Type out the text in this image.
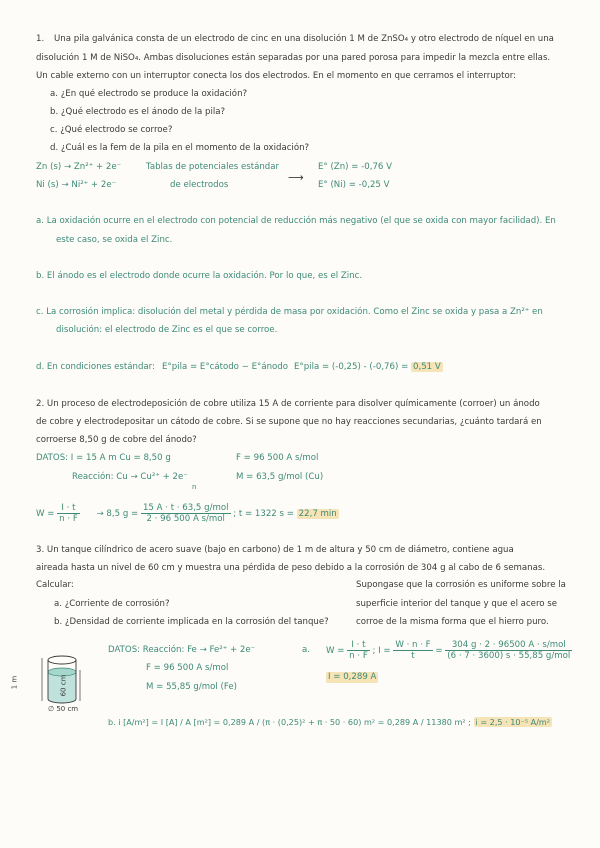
1. Una pila galvánica consta de un electrodo de cinc en una disolución 1 M de ZnSO₄ y otro electrodo de níquel en una
disolución 1 M de NiSO₄. Ambas disoluciones están separadas por una pared porosa para impedir la mezcla entre ellas.
Un cable externo con un interruptor conecta los dos electrodos. En el momento en que cerramos el interruptor:
a. ¿En qué electrodo se produce la oxidación?
b. ¿Qué electrodo es el ánodo de la pila?
c. ¿Qué electrodo se corroe?
d. ¿Cuál es la fem de la pila en el momento de la oxidación?
Zn (s) → Zn²⁺ + 2e⁻
Ni (s) → Ni²⁺ + 2e⁻
Tablas de potenciales estándar
de electrodos
⟶
E° (Zn) = -0,76 V
E° (Ni) = -0,25 V
a. La oxidación ocurre en el electrodo con potencial de reducción más negativo (el que se oxida con mayor facilidad). En
este caso, se oxida el Zinc.
b. El ánodo es el electrodo donde ocurre la oxidación. Por lo que, es el Zinc.
c. La corrosión implica: disolución del metal y pérdida de masa por oxidación. Como el Zinc se oxida y pasa a Zn²⁺ en
disolución: el electrodo de Zinc es el que se corroe.
d. En condiciones estándar: E°pila = E°cátodo − E°ánodo E°pila = (-0,25) - (-0,76) = 0,51 V
2. Un proceso de electrodeposición de cobre utiliza 15 A de corriente para disolver químicamente (corroer) un ánodo
de cobre y electrodepositar un cátodo de cobre. Si se supone que no hay reacciones secundarias, ¿cuánto tardará en
corroerse 8,50 g de cobre del ánodo?
DATOS: I = 15 A m Cu = 8,50 g	F = 96 500 A s/mol
Reacción: Cu → Cu²⁺ + 2e⁻
n
M = 63,5 g/mol (Cu)
$W = \frac{I \cdot t}{n \cdot F} \to 8,5$ $g = \frac{\text{15 A · t · 63,5 g/mol}}{\text{2 · 96 500 A s/mol}}$ ; t = 1322 s = 22,7 min
3. Un tanque cilíndrico de acero suave (bajo en carbono) de 1 m de altura y 50 cm de diámetro, contiene agua
aireada hasta un nivel de 60 cm y muestra una pérdida de peso debido a la corrosión de 304 g al cabo de 6 semanas.
Calcular:
a. ¿Corriente de corrosión?
b. ¿Densidad de corriente implicada en la corrosión del tanque?
Supongase que la corrosión es uniforme sobre la
superficie interior del tanque y que el acero se
corroe de la misma forma que el hierro puro.
DATOS: Reacción: Fe → Fe²⁺ + 2e⁻
F = 96 500 A s/mol
M = 55,85 g/mol (Fe)
1 m	60 cm
∅ 50 cm
a. $W = \frac{I \cdot t}{n \cdot F}$ ; $I = \frac{W \cdot n \cdot F}{t} = \frac{\text{304 g · 2 · 96500 A · s/mol}}{\text{(6 · 7 · 3600) s · 55,85 g/mol}}$
I = 0,289 A
b. i [A/m²] = I [A] / A [m²] = 0,289 A / (π · (0,25)² + π · 50 · 60) m² = 0,289 A / 11380 m² ; i = 2,5 · 10⁻⁵ A/m²
